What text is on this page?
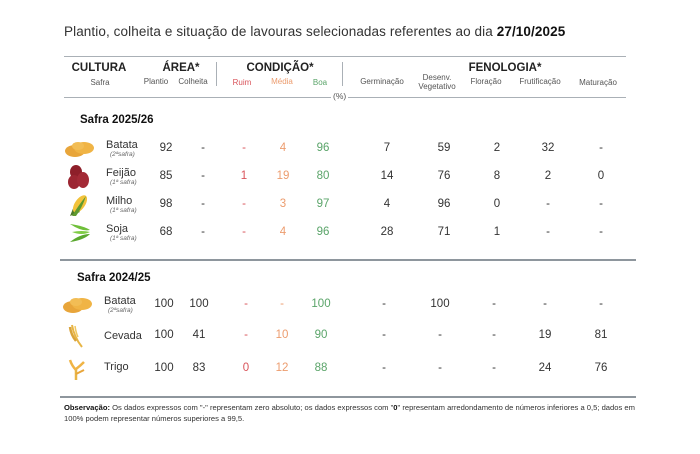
Plantio, colheita e situação de lavouras selecionadas referentes ao dia 27/10/2025
CULTURA
Safra
ÁREA*
Plantio	Colheita
CONDIÇÃO*
Ruim	Média	Boa
FENOLOGIA*
Germinação	Desenv. Vegetativo
Floração	Frutificação	Maturação
(%)
Safra 2025/26
Batata
(2ªsafra)
92	-	-	4	96	7	59	2	32	-
Feijão
(1ª safra)
85	-	1	19	80	14	76	8	2	0
Milho
(1ª safra)
98	-	-	3	97	4	96	0	-	-
Soja
(1ª safra)
68	-	-	4	96	28	71	1	-	-
Safra 2024/25
Batata
(2ªsafra)
100	100	-	-	100	-	100	-	-	-
Cevada	100	41	-	10	90	-	-	-	19	81
Trigo	100	83	0	12	88	-	-	-	24	76
Observação: Os dados expressos com "-" representam zero absoluto; os dados expressos com "0" representam arredondamento de números inferiores a 0,5; dados em 100% podem representar números superiores a 99,5.
